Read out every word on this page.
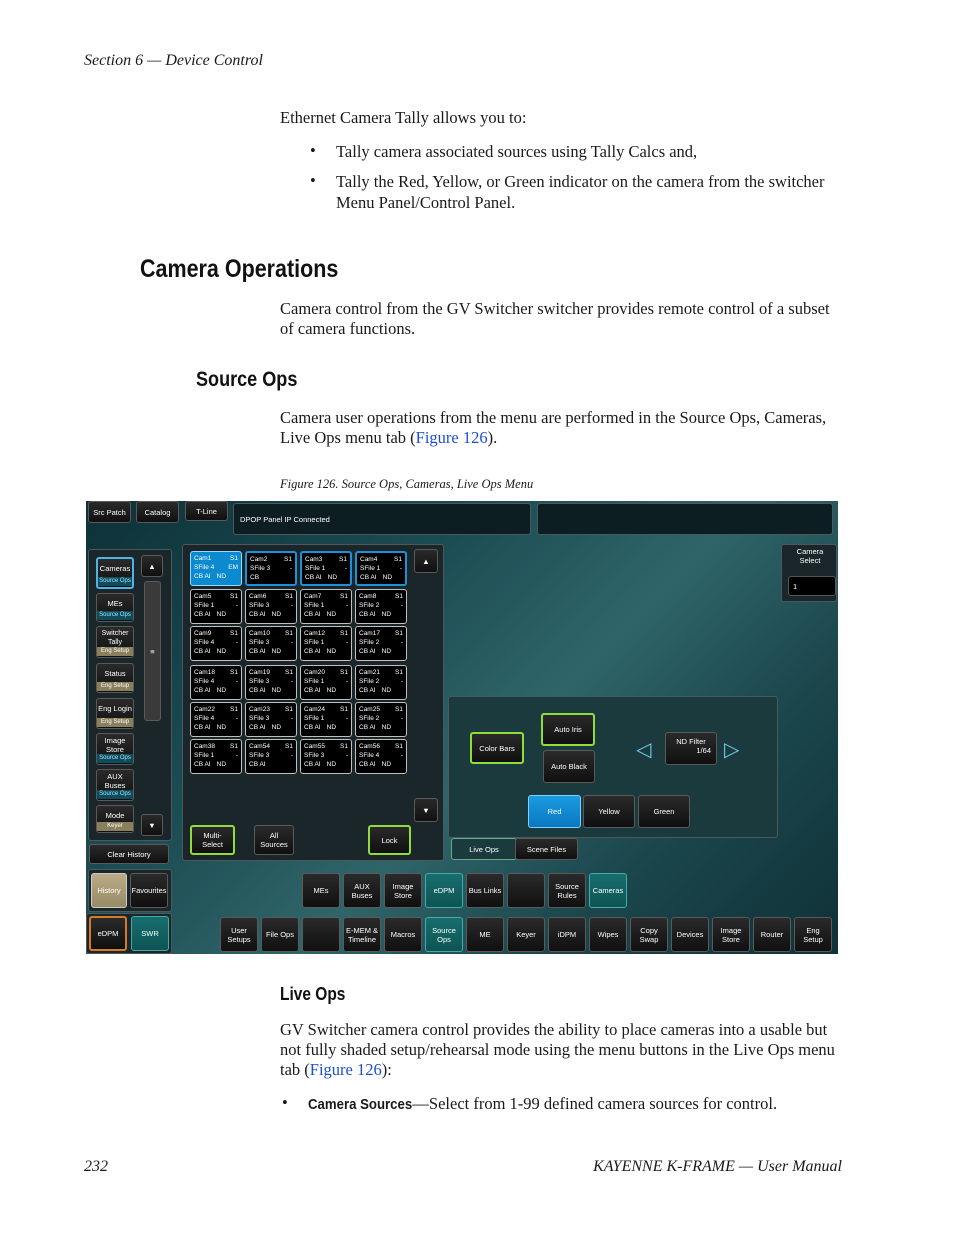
Section 6 — Device Control
Ethernet Camera Tally allows you to:
• Tally camera associated sources using Tally Calcs and,
• Tally the Red, Yellow, or Green indicator on the camera from the switcher Menu Panel/Control Panel.
Camera Operations
Camera control from the GV Switcher switcher provides remote control of a subset of camera functions.
Source Ops
Camera user operations from the menu are performed in the Source Ops, Cameras, Live Ops menu tab (Figure 126).
Figure 126. Source Ops, Cameras, Live Ops Menu
Src Patch	Catalog	T-Line
DPOP Panel IP Connected
Cameras
Source Ops
MEs
Source Ops
Switcher Tally
Eng Setup
Status
Eng Setup
Eng Login
Eng Setup
Image Store
Source Ops
AUX Buses
Source Ops
Mode
Keyer
▲
≡
▼
Clear History
History	Favourites
eDPM	SWR
Cam1	S1
SFile 4 EM
CB AI ND
Cam2	S1
SFile 3	-
CB
Cam3	S1
SFile 1	-
CB AI ND
Cam4	S1
SFile 1	-
CB AI ND
Cam5	S1
SFile 1	-
CB AI ND
Cam6	S1
SFile 3	-
CB AI ND
Cam7	S1
SFile 1	-
CB AI ND
Cam8	S1
SFile 2	-
CB AI ND
Cam9	S1
SFile 4	-
CB AI ND
Cam10 S1
SFile 3	-
CB AI ND
Cam12 S1
SFile 1	-
CB AI ND
Cam17 S1
SFile 2	-
CB AI ND
Cam18 S1
SFile 4	-
CB AI ND
Cam19 S1
SFile 3	-
CB AI ND
Cam20 S1
SFile 1	-
CB AI ND
Cam21 S1
SFile 2	-
CB AI ND
Cam22 S1
SFile 4	-
CB AI ND
Cam23 S1
SFile 3	-
CB AI ND
Cam24 S1
SFile 1	-
CB AI ND
Cam25 S1
SFile 2	-
CB AI ND
Cam38 S1
SFile 1	-
CB AI ND
Cam54 S1
SFile 3	-
CB AI
Cam55 S1
SFile 3	-
CB AI ND
Cam56 S1
SFile 4	-
CB AI ND
▲
▼
Multi-Select
All Sources	Lock
Camera Select
1
Color Bars
Auto Iris
Auto Black
◁	ND Filter
1/64 ▷
Red	Yellow	Green
Live Ops	Scene Files
MEs	AUX Buses
Image Store	eDPM	Bus Links	Source Rules	Cameras
User Setups	File Ops	E-MEM & Timeline	Macros	Source Ops	ME	Keyer	iDPM	Wipes	Copy Swap	Devices	Image Store	Router	Eng Setup
Live Ops
GV Switcher camera control provides the ability to place cameras into a usable but not fully shaded setup/rehearsal mode using the menu buttons in the Live Ops menu tab (Figure 126):
• Camera Sources—Select from 1-99 defined camera sources for control.
232	KAYENNE K-FRAME — User Manual
